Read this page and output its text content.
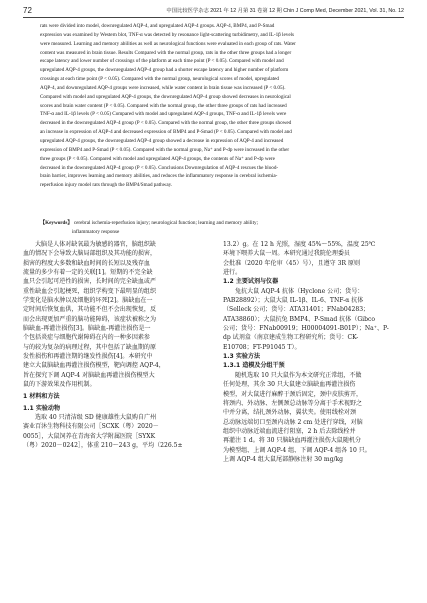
72	中国比较医学杂志 2021 年 12 月第 31 卷第 12 期 Chin J Comp Med, December 2021, Vol. 31, No. 12
rats were divided into model, downregulated AQP-4, and upregulated AQP-4 groups. AQP-4, BMP4, and P-Smad
expression was examined by Western blot, TNF-α was detected by resonance light-scattering turbidimetry, and IL-1β levels
were measured. Learning and memory abilities as well as neurological functions were evaluated in each group of rats. Water
content was measured in brain tissue. Results Compared with the normal group, rats in the other three groups had a longer
escape latency and lower number of crossings of the platform at each time point (P < 0.05). Compared with model and
upregulated AQP-4 groups, the downregulated AQP-4 group had a shorter escape latency and higher number of platform
crossings at each time point (P < 0.05). Compared with the normal group, neurological scores of model, upregulated
AQP-4, and downregulated AQP-4 groups were increased, while water content in brain tissue was increased (P < 0.05).
Compared with model and upregulated AQP-4 groups, the downregulated AQP-4 group showed decreases in neurological
scores and brain water content (P < 0.05). Compared with the normal group, the other three groups of rats had increased
TNF-α and IL-1β levels (P < 0.05) Compared with model and upregulated AQP-4 groups, TNF-α and IL-1β levels were
decreased in the downregulated AQP-4 group (P < 0.05). Compared with the normal group, the other three groups showed
an increase in expression of AQP-4 and decreased expression of BMP4 and P-Smad (P < 0.05). Compared with model and
upregulated AQP-4 groups, the downregulated AQP-4 group showed a decrease in expression of AQP-4 and increased
expression of BMP4 and P-Smad (P < 0.05). Compared with the normal group, Na⁺ and P-dp were increased in the other
three groups (P < 0.05). Compared with model and upregulated AQP-4 groups, the contents of Na⁺ and P-dp were
decreased in the downregulated AQP-4 group (P < 0.05). Conclusions Downregulation of AQP-4 rescues the blood-
brain barrier, improves learning and memory abilities, and reduces the inflammatory response in cerebral ischemia-
reperfusion injury model rats through the BMP4/Smad pathway.
【Keywords】 cerebral ischemia-reperfusion injury; neurological function; learning and memory ability;
inflammatory response
大脑是人体对缺氧最为敏感的器官，脑组织缺
血的情况下会导致大脑局部组织及其功能的损害，
损害的程度大多数和缺血时间的长短以及残存血
流量的多少有着一定的关联[1]。短期的不完全缺
血只会引起可逆性的损害，长时间的完全缺血或严
重性缺血会引起梗死，组织学构变下最明显的组织
学变化是脑水肿以及细胞的坏死[2]。脑缺血在一
定时间后恢复血供，其功能不但不会出现恢复，反
而会出现更加严重的脑功能障碍，该症状被称之为
脑缺血-再灌注损伤[3]。脑缺血-再灌注损伤是一
个包括炎症与细胞代谢障碍在内的一种多因素参
与的较为复杂的病理过程，其中包括了缺血期的原
发性损伤和再灌注期的继发性损伤[4]。本研究中
建立大鼠脑缺血再灌注损伤模型，靶向调控 AQP-4，
旨在探究下调 AQP-4 对脑缺血再灌注损伤模型大
鼠的下游效果及作用机制。
1 材料和方法
1.1 实验动物
选取 40 只清洁级 SD 健康雄性大鼠购自广州
赛业百沐生物科技有限公司［SCXK（粤）2020－
0055］，大鼠饲养在青海省大学附属医院［SYXK
（粤）2020－0242］，体重 210～243 g，平均（226.5±
13.2）g。在 12 h 光照，湿度 45%～55%，温度 25℃
环境下喂养大鼠一周。本研究通过我院伦理委员
会批准（2020 年伦审（45）号），且遵守 3R 原则
进行。
1.2 主要试剂与仪器
兔抗大鼠 AQP-4 抗体（Hyclone 公司；货号：
PAB28892）；大鼠大鼠 IL-1β、IL-6、TNF-α 抗体
（Selleck 公司；货号：ATA31401；FNab04283；
ATA38860）；大鼠抗兔 BMP4、P-Smad 抗体（Gibco
公司；货号：FNab00919；H00004091-B01P）；Na⁺、P-
dp 试剂盒（南京建成生物工程研究所；货号：CK-
E10708；FT-P91045 T）。
1.3 实验方法
1.3.1 造模及分组干预
随机选取 10 只大鼠作为本文研究正常组，不做
任何处理，其余 30 只大鼠建立脑缺血再灌注损伤
模型，对大鼠进行麻醉于颈后固定，颈中皮肤剪开，
将颈内、外动脉、左侧颈总动脉等分离于手术视野之
中并分离，结扎颈外动脉，翼状夹。使用线栓对颈
总动脉远端切口至颈内动脉 2 cm 处进行穿线，对脑
组织中动脉近端血流进行阻塞，2 h 后去除线栓并
再灌注 1 d。将 30 只脑缺血再灌注损伤大鼠随机分
为模型组、上调 AQP-4 组、下调 AQP-4 组各 10 只。
上调 AQP-4 组大鼠尾部静脉注射 30 mg/kg
